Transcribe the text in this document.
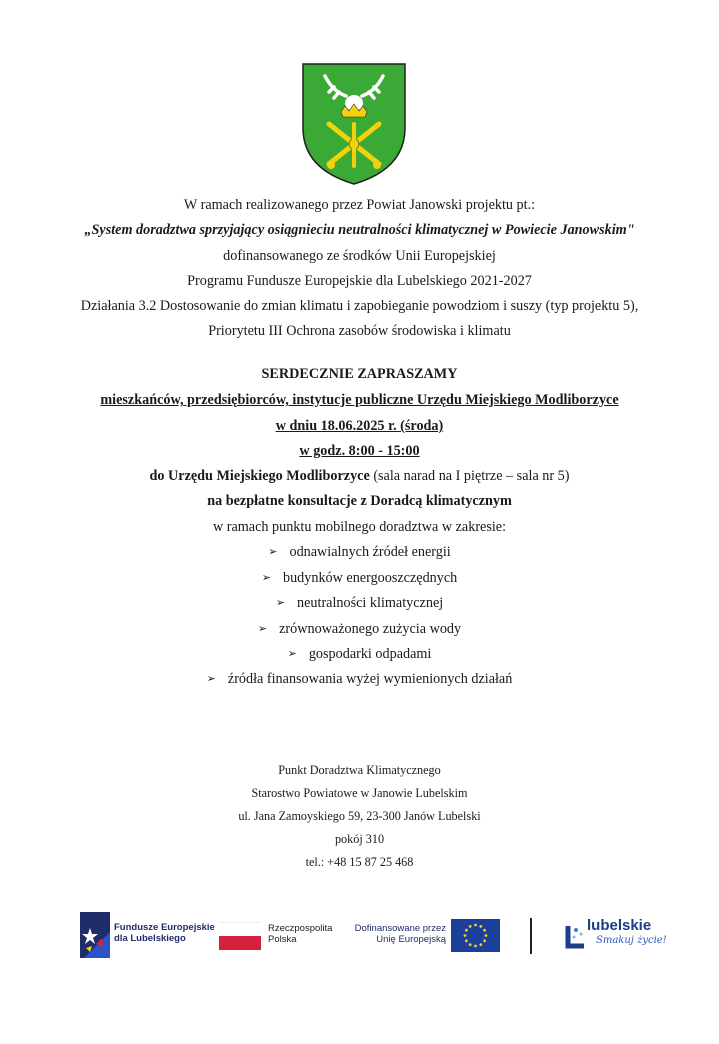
W ramach realizowanego przez Powiat Janowski projektu pt.:
„System doradztwa sprzyjający osiągnieciu neutralności klimatycznej w Powiecie Janowskim"
dofinansowanego ze środków Unii Europejskiej
Programu Fundusze Europejskie dla Lubelskiego 2021-2027
Działania 3.2 Dostosowanie do zmian klimatu i zapobieganie powodziom i suszy (typ projektu 5),
Priorytetu III Ochrona zasobów środowiska i klimatu
SERDECZNIE ZAPRASZAMY
mieszkańców, przedsiębiorców, instytucje publiczne Urzędu Miejskiego Modliborzyce
w dniu 18.06.2025 r. (środa)
w godz. 8:00 - 15:00
do Urzędu Miejskiego Modliborzyce (sala narad na I piętrze – sala nr 5)
na bezpłatne konsultacje z Doradcą klimatycznym
w ramach punktu mobilnego doradztwa w zakresie:
➢ odnawialnych źródeł energii
➢ budynków energooszczędnych
➢ neutralności klimatycznej
➢ zrównoważonego zużycia wody
➢ gospodarki odpadami
➢ źródła finansowania wyżej wymienionych działań
Punkt Doradztwa Klimatycznego
Starostwo Powiatowe w Janowie Lubelskim
ul. Jana Zamoyskiego 59, 23-300 Janów Lubelski
pokój 310
tel.: +48 15 87 25 468
Fundusze Europejskie
dla Lubelskiego
Rzeczpospolita
Polska
Dofinansowane przez
Unię Europejską
lubelskie
Smakuj życie!
